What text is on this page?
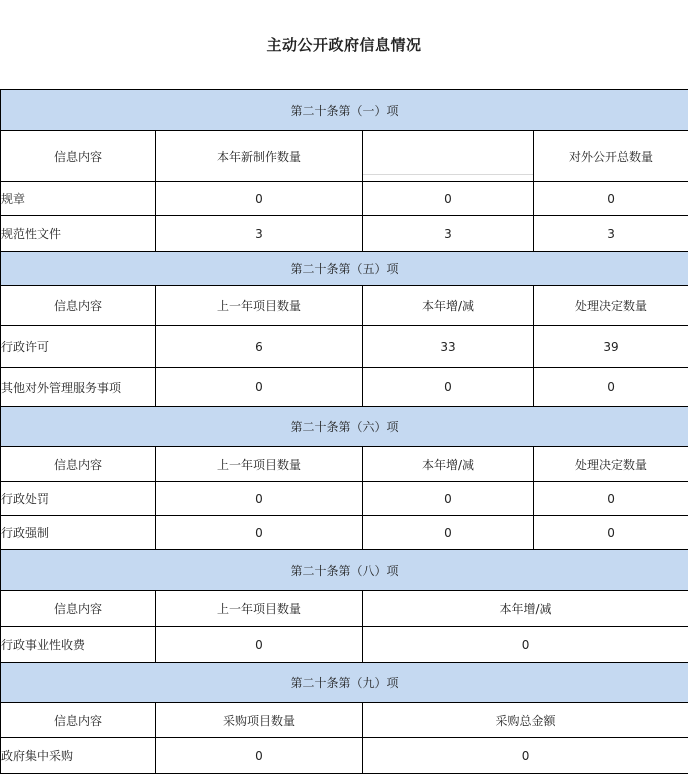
主动公开政府信息情况
第二十条第（一）项			
信息内容	本年新制作数量		对外公开总数量
规章	0	0	0
规范性文件	3	3	3
第二十条第（五）项			
信息内容	上一年项目数量	本年增/减	处理决定数量
行政许可	6	33	39
其他对外管理服务事项	0	0	0
第二十条第（六）项			
信息内容	上一年项目数量	本年增/减	处理决定数量
行政处罚	0	0	0
行政强制	0	0	0
第二十条第（八）项			
信息内容	上一年项目数量	本年增/减	
行政事业性收费	0	0	
第二十条第（九）项			
信息内容	采购项目数量	采购总金额	
政府集中采购	0	0	
